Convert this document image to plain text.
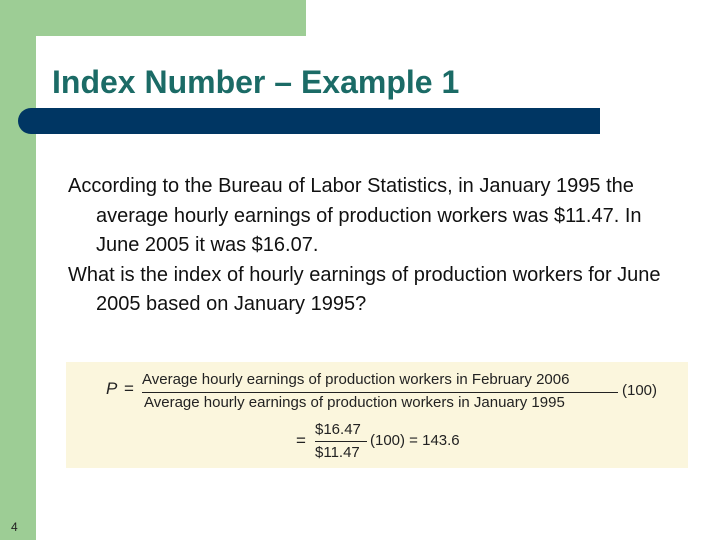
Index Number – Example 1

According to the Bureau of Labor Statistics, in January 1995 the average hourly earnings of production workers was $11.47. In June 2005 it was $16.07.

What is the index of hourly earnings of production workers for June 2005 based on January 1995?

P = Average hourly earnings of production workers in February 2006
Average hourly earnings of production workers in January 1995
(100)
=
$16.47
$11.47
(100) = 143.6
4
